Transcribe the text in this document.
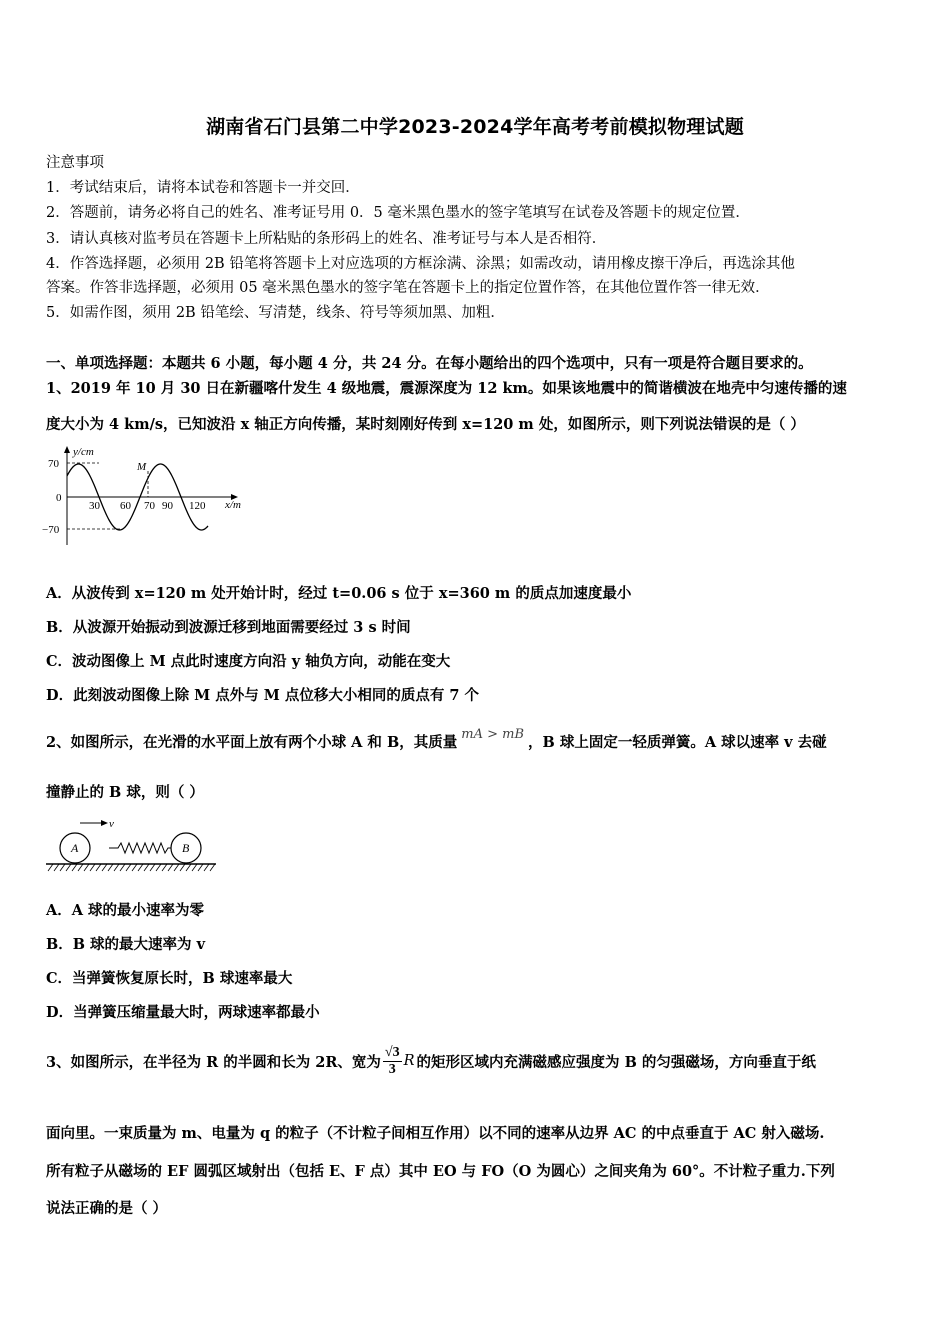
湖南省石门县第二中学2023-2024学年高考考前模拟物理试题
注意事项
1．考试结束后，请将本试卷和答题卡一并交回．
2．答题前，请务必将自己的姓名、准考证号用 0．5 毫米黑色墨水的签字笔填写在试卷及答题卡的规定位置．
3．请认真核对监考员在答题卡上所粘贴的条形码上的姓名、准考证号与本人是否相符．
4．作答选择题，必须用 2B 铅笔将答题卡上对应选项的方框涂满、涂黑；如需改动，请用橡皮擦干净后，再选涂其他
答案。作答非选择题，必须用 05 毫米黑色墨水的签字笔在答题卡上的指定位置作答，在其他位置作答一律无效．
5．如需作图，须用 2B 铅笔绘、写清楚，线条、符号等须加黑、加粗．
一、单项选择题：本题共 6 小题，每小题 4 分，共 24 分。在每小题给出的四个选项中，只有一项是符合题目要求的。
1、2019 年 10 月 30 日在新疆喀什发生 4 级地震，震源深度为 12 km。如果该地震中的简谐横波在地壳中匀速传播的速
度大小为 4 km/s，已知波沿 x 轴正方向传播，某时刻刚好传到 x=120 m 处，如图所示，则下列说法错误的是（ ）
y/cm
x/m
70
0
−70
30 60 70 90 120
M
A．从波传到 x=120 m 处开始计时，经过 t=0.06 s 位于 x=360 m 的质点加速度最小
B．从波源开始振动到波源迁移到地面需要经过 3 s 时间
C．波动图像上 M 点此时速度方向沿 y 轴负方向，动能在变大
D．此刻波动图像上除 M 点外与 M 点位移大小相同的质点有 7 个
2、如图所示，在光滑的水平面上放有两个小球 A 和 B，其质量 mA > mB ，B 球上固定一轻质弹簧。A 球以速率 v 去碰
撞静止的 B 球，则（ ）
v
A	B
A．A 球的最小速率为零
B．B 球的最大速率为 v
C．当弹簧恢复原长时，B 球速率最大
D．当弹簧压缩量最大时，两球速率都最小
3、如图所示，在半径为 R 的半圆和长为 2R、宽为 $\frac{√3}{3}$ R 的矩形区域内充满磁感应强度为 B 的匀强磁场，方向垂直于纸
面向里。一束质量为 m、电量为 q 的粒子（不计粒子间相互作用）以不同的速率从边界 AC 的中点垂直于 AC 射入磁场.
所有粒子从磁场的 EF 圆弧区域射出（包括 E、F 点）其中 EO 与 FO（O 为圆心）之间夹角为 60°。不计粒子重力.下列
说法正确的是（ ）
